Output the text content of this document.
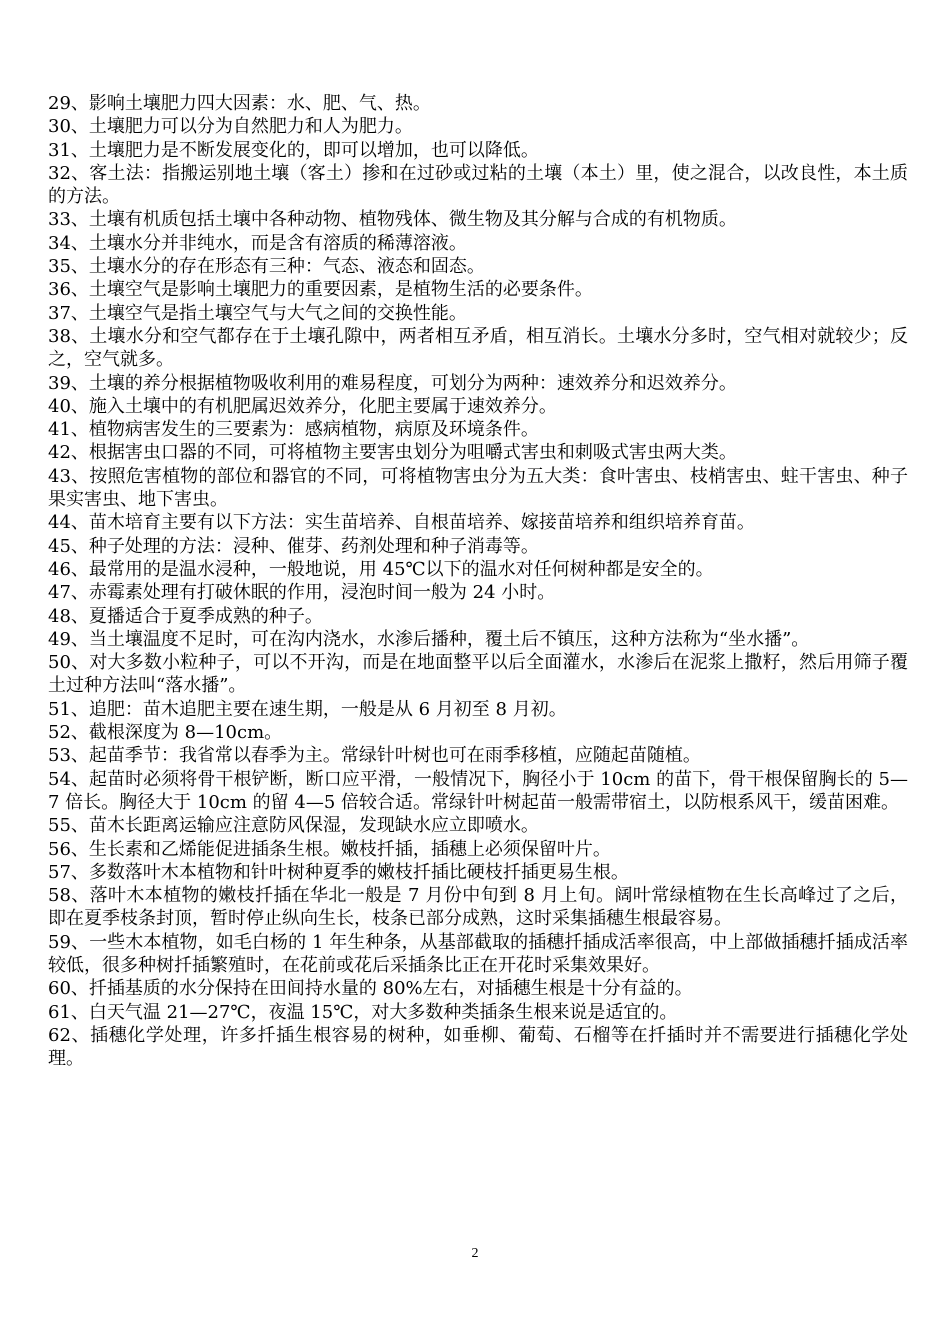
29、影响土壤肥力四大因素：水、肥、气、热。

30、土壤肥力可以分为自然肥力和人为肥力。

31、土壤肥力是不断发展变化的，即可以增加，也可以降低。

32、客土法：指搬运别地土壤（客土）掺和在过砂或过粘的土壤（本土）里，使之混合，以改良性，本土质的方法。

33、土壤有机质包括土壤中各种动物、植物残体、微生物及其分解与合成的有机物质。

34、土壤水分并非纯水，而是含有溶质的稀薄溶液。

35、土壤水分的存在形态有三种：气态、液态和固态。

36、土壤空气是影响土壤肥力的重要因素，是植物生活的必要条件。

37、土壤空气是指土壤空气与大气之间的交换性能。

38、土壤水分和空气都存在于土壤孔隙中，两者相互矛盾，相互消长。土壤水分多时，空气相对就较少；反之，空气就多。

39、土壤的养分根据植物吸收利用的难易程度，可划分为两种：速效养分和迟效养分。

40、施入土壤中的有机肥属迟效养分，化肥主要属于速效养分。

41、植物病害发生的三要素为：感病植物，病原及环境条件。

42、根据害虫口器的不同，可将植物主要害虫划分为咀嚼式害虫和刺吸式害虫两大类。

43、按照危害植物的部位和器官的不同，可将植物害虫分为五大类：食叶害虫、枝梢害虫、蛀干害虫、种子果实害虫、地下害虫。

44、苗木培育主要有以下方法：实生苗培养、自根苗培养、嫁接苗培养和组织培养育苗。

45、种子处理的方法：浸种、催芽、药剂处理和种子消毒等。

46、最常用的是温水浸种，一般地说，用 45℃以下的温水对任何树种都是安全的。

47、赤霉素处理有打破休眠的作用，浸泡时间一般为 24 小时。

48、夏播适合于夏季成熟的种子。

49、当土壤温度不足时，可在沟内浇水，水渗后播种，覆土后不镇压，这种方法称为“坐水播”。

50、对大多数小粒种子，可以不开沟，而是在地面整平以后全面灌水，水渗后在泥浆上撒籽，然后用筛子覆土过种方法叫“落水播”。

51、追肥：苗木追肥主要在速生期，一般是从 6 月初至 8 月初。

52、截根深度为 8—10cm。

53、起苗季节：我省常以春季为主。常绿针叶树也可在雨季移植，应随起苗随植。

54、起苗时必须将骨干根铲断，断口应平滑，一般情况下，胸径小于 10cm 的苗下，骨干根保留胸长的 5—7 倍长。胸径大于 10cm 的留 4—5 倍较合适。常绿针叶树起苗一般需带宿土，以防根系风干，缓苗困难。

55、苗木长距离运输应注意防风保湿，发现缺水应立即喷水。

56、生长素和乙烯能促进插条生根。嫩枝扦插，插穗上必须保留叶片。

57、多数落叶木本植物和针叶树种夏季的嫩枝扦插比硬枝扦插更易生根。

58、落叶木本植物的嫩枝扦插在华北一般是 7 月份中旬到 8 月上旬。阔叶常绿植物在生长高峰过了之后，即在夏季枝条封顶，暂时停止纵向生长，枝条已部分成熟，这时采集插穗生根最容易。

59、一些木本植物，如毛白杨的 1 年生种条，从基部截取的插穗扦插成活率很高，中上部做插穗扦插成活率较低，很多种树扦插繁殖时，在花前或花后采插条比正在开花时采集效果好。

60、扦插基质的水分保持在田间持水量的 80%左右，对插穗生根是十分有益的。

61、白天气温 21—27℃，夜温 15℃，对大多数种类插条生根来说是适宜的。

62、插穗化学处理，许多扦插生根容易的树种，如垂柳、葡萄、石榴等在扦插时并不需要进行插穗化学处理。

2
